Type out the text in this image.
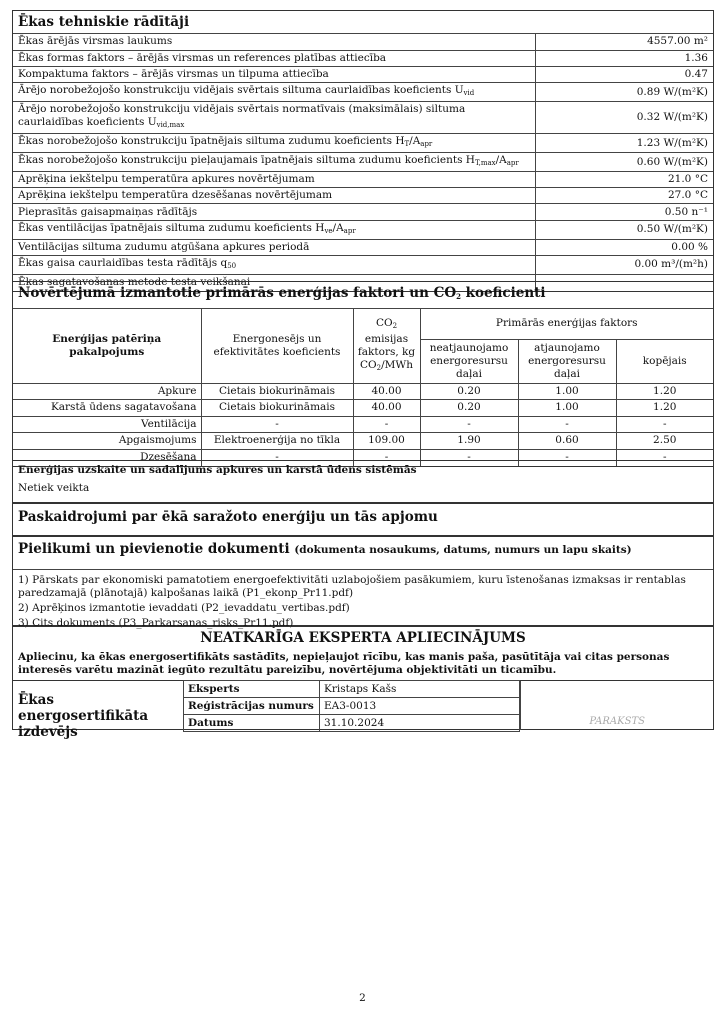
Ēkas tehniskie rādītāji
Ēkas ārējās virsmas laukums	4557.00 m²
Ēkas formas faktors – ārējās virsmas un references platības attiecība	1.36
Kompaktuma faktors – ārējās virsmas un tilpuma attiecība	0.47
Ārējo norobežojošo konstrukciju vidējais svērtais siltuma caurlaidības koeficients $U_{vid}$	0.89 W/(m²K)
Ārējo norobežojošo konstrukciju vidējais svērtais normatīvais (maksimālais) siltuma caurlaidības koeficients $U_{vid,max}$	0.32 W/(m²K)
Ēkas norobežojošo konstrukciju īpatnējais siltuma zudumu koeficients $H_T/A_{apr}$	1.23 W/(m²K)
Ēkas norobežojošo konstrukciju pieļaujamais īpatnējais siltuma zudumu koeficients $H_{T,max}/A_{apr}$	0.60 W/(m²K)
Aprēķina iekštelpu temperatūra apkures novērtējumam	21.0 °C
Aprēķina iekštelpu temperatūra dzesēšanas novērtējumam	27.0 °C
Pieprasītās gaisapmaiņas rādītājs	0.50 n⁻¹
Ēkas ventilācijas īpatnējais siltuma zudumu koeficients $H_{ve}/A_{apr}$	0.50 W/(m²K)
Ventilācijas siltuma zudumu atgūšana apkures periodā	0.00 %
Ēkas gaisa caurlaidības testa rādītājs $q_{50}$	0.00 m³/(m²h)
Ēkas sagatavošanas metode testa veikšanai	
Novērtējumā izmantotie primārās enerģijas faktori un $CO_2$ koeficienti
Enerģijas patēriņa pakalpojums	Energonesējs un efektivitātes koeficients	$CO_2$ emisijas faktors, kg $CO_2$/MWh	Primārās enerģijas faktors		
			neatjaunojamo energoresursu daļai	atjaunojamo energoresursu daļai	kopējais
Apkure	Cietais biokurināmais	40.00	0.20	1.00	1.20
Karstā ūdens sagatavošana	Cietais biokurināmais	40.00	0.20	1.00	1.20
Ventilācija	-	-	-	-	-
Apgaismojums	Elektroenerģija no tīkla	109.00	1.90	0.60	2.50
Dzesēšana	-	-	-	-	-
Enerģijas uzskaite un sadalījums apkures un karstā ūdens sistēmās
Netiek veikta
Paskaidrojumi par ēkā saražoto enerģiju un tās apjomu
Pielikumi un pievienotie dokumenti (dokumenta nosaukums, datums, numurs un lapu skaits)
1) Pārskats par ekonomiski pamatotiem energoefektivitāti uzlabojošiem pasākumiem, kuru īstenošanas izmaksas ir rentablas paredzamajā (plānotajā) kalpošanas laikā (P1_ekonp_Pr11.pdf)
2) Aprēķinos izmantotie ievaddati (P2_ievaddatu_vertibas.pdf)
3) Cits dokuments (P3_Parkarsanas_risks_Pr11.pdf)
NEATKARĪGA EKSPERTA APLIECINĀJUMS
Apliecinu, ka ēkas energosertifikāts sastādīts, nepieļaujot rīcību, kas manis paša, pasūtītāja vai citas personas interesēs varētu mazināt iegūto rezultātu pareizību, novērtējuma objektivitāti un ticamību.
Ēkas energosertifikāta izdevējs
Eksperts	Kristaps Kašs
Reģistrācijas numurs	EA3-0013
Datums	31.10.2024	PARAKSTS
2
